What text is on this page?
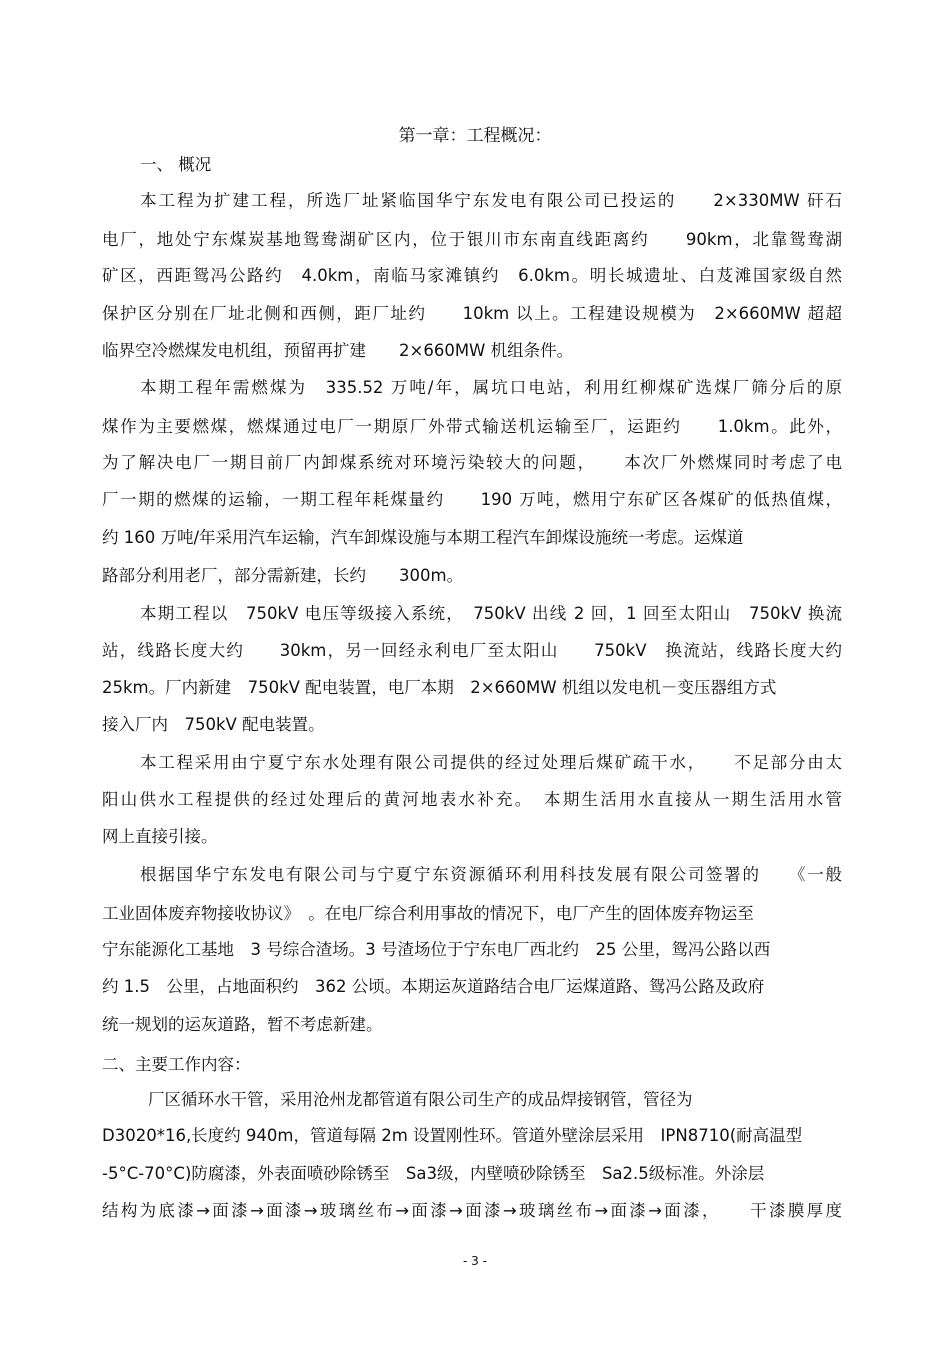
第一章：工程概况：
一、 概况
本工程为扩建工程，所选厂址紧临国华宁东发电有限公司已投运的　　2×330MW 矸石
电厂，地处宁东煤炭基地鸳鸯湖矿区内，位于银川市东南直线距离约　　90km，北靠鸳鸯湖
矿区，西距鸳冯公路约　4.0km，南临马家滩镇约　6.0km。明长城遗址、白芨滩国家级自然
保护区分别在厂址北侧和西侧，距厂址约　　10km 以上。工程建设规模为　2×660MW 超超
临界空冷燃煤发电机组，预留再扩建　　2×660MW 机组条件。
本期工程年需燃煤为　335.52 万吨/年，属坑口电站，利用红柳煤矿选煤厂筛分后的原
煤作为主要燃煤，燃煤通过电厂一期原厂外带式输送机运输至厂，运距约　　1.0km。此外，
为了解决电厂一期目前厂内卸煤系统对环境污染较大的问题，　　本次厂外燃煤同时考虑了电
厂一期的燃煤的运输，一期工程年耗煤量约　　190 万吨，燃用宁东矿区各煤矿的低热值煤，
约 160 万吨/年采用汽车运输，汽车卸煤设施与本期工程汽车卸煤设施统一考虑。运煤道
路部分利用老厂，部分需新建，长约　　300m。
本期工程以　750kV 电压等级接入系统，　750kV 出线 2 回，1 回至太阳山　750kV 换流
站，线路长度大约　　30km，另一回经永利电厂至太阳山　　750kV　换流站，线路长度大约
25km。厂内新建　750kV 配电装置，电厂本期　2×660MW 机组以发电机－变压器组方式
接入厂内　750kV 配电装置。
本工程采用由宁夏宁东水处理有限公司提供的经过处理后煤矿疏干水，　　不足部分由太
阳山供水工程提供的经过处理后的黄河地表水补充。　本期生活用水直接从一期生活用水管
网上直接引接。
根据国华宁东发电有限公司与宁夏宁东资源循环利用科技发展有限公司签署的　　《一般
工业固体废弃物接收协议》　。在电厂综合利用事故的情况下，电厂产生的固体废弃物运至
宁东能源化工基地　3 号综合渣场。3 号渣场位于宁东电厂西北约　25 公里，鸳冯公路以西
约 1.5　公里，占地面积约　362 公顷。本期运灰道路结合电厂运煤道路、鸳冯公路及政府
统一规划的运灰道路，暂不考虑新建。
二、主要工作内容：
厂区循环水干管，采用沧州龙都管道有限公司生产的成品焊接钢管，管径为
D3020*16,长度约 940m，管道每隔 2m 设置刚性环。管道外壁涂层采用　IPN8710(耐高温型
-5°C-70°C)防腐漆，外表面喷砂除锈至　Sa3级，内壁喷砂除锈至　Sa2.5级标准。外涂层
结构为底漆→面漆→面漆→玻璃丝布→面漆→面漆→玻璃丝布→面漆→面漆，　　干漆膜厚度
- 3 -
